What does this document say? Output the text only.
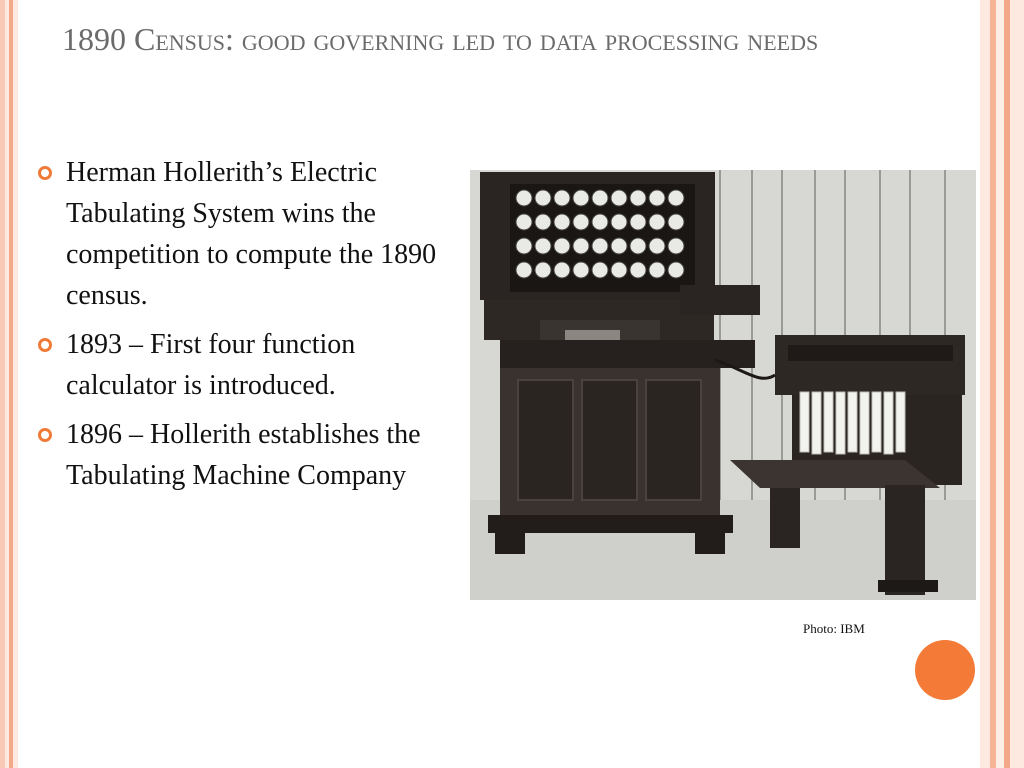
1890 Census: good governing led to data processing needs
Herman Hollerith’s Electric Tabulating System wins the competition to compute the 1890 census.
1893 – First four function calculator is introduced.
1896 – Hollerith establishes the Tabulating Machine Company
Photo: IBM
